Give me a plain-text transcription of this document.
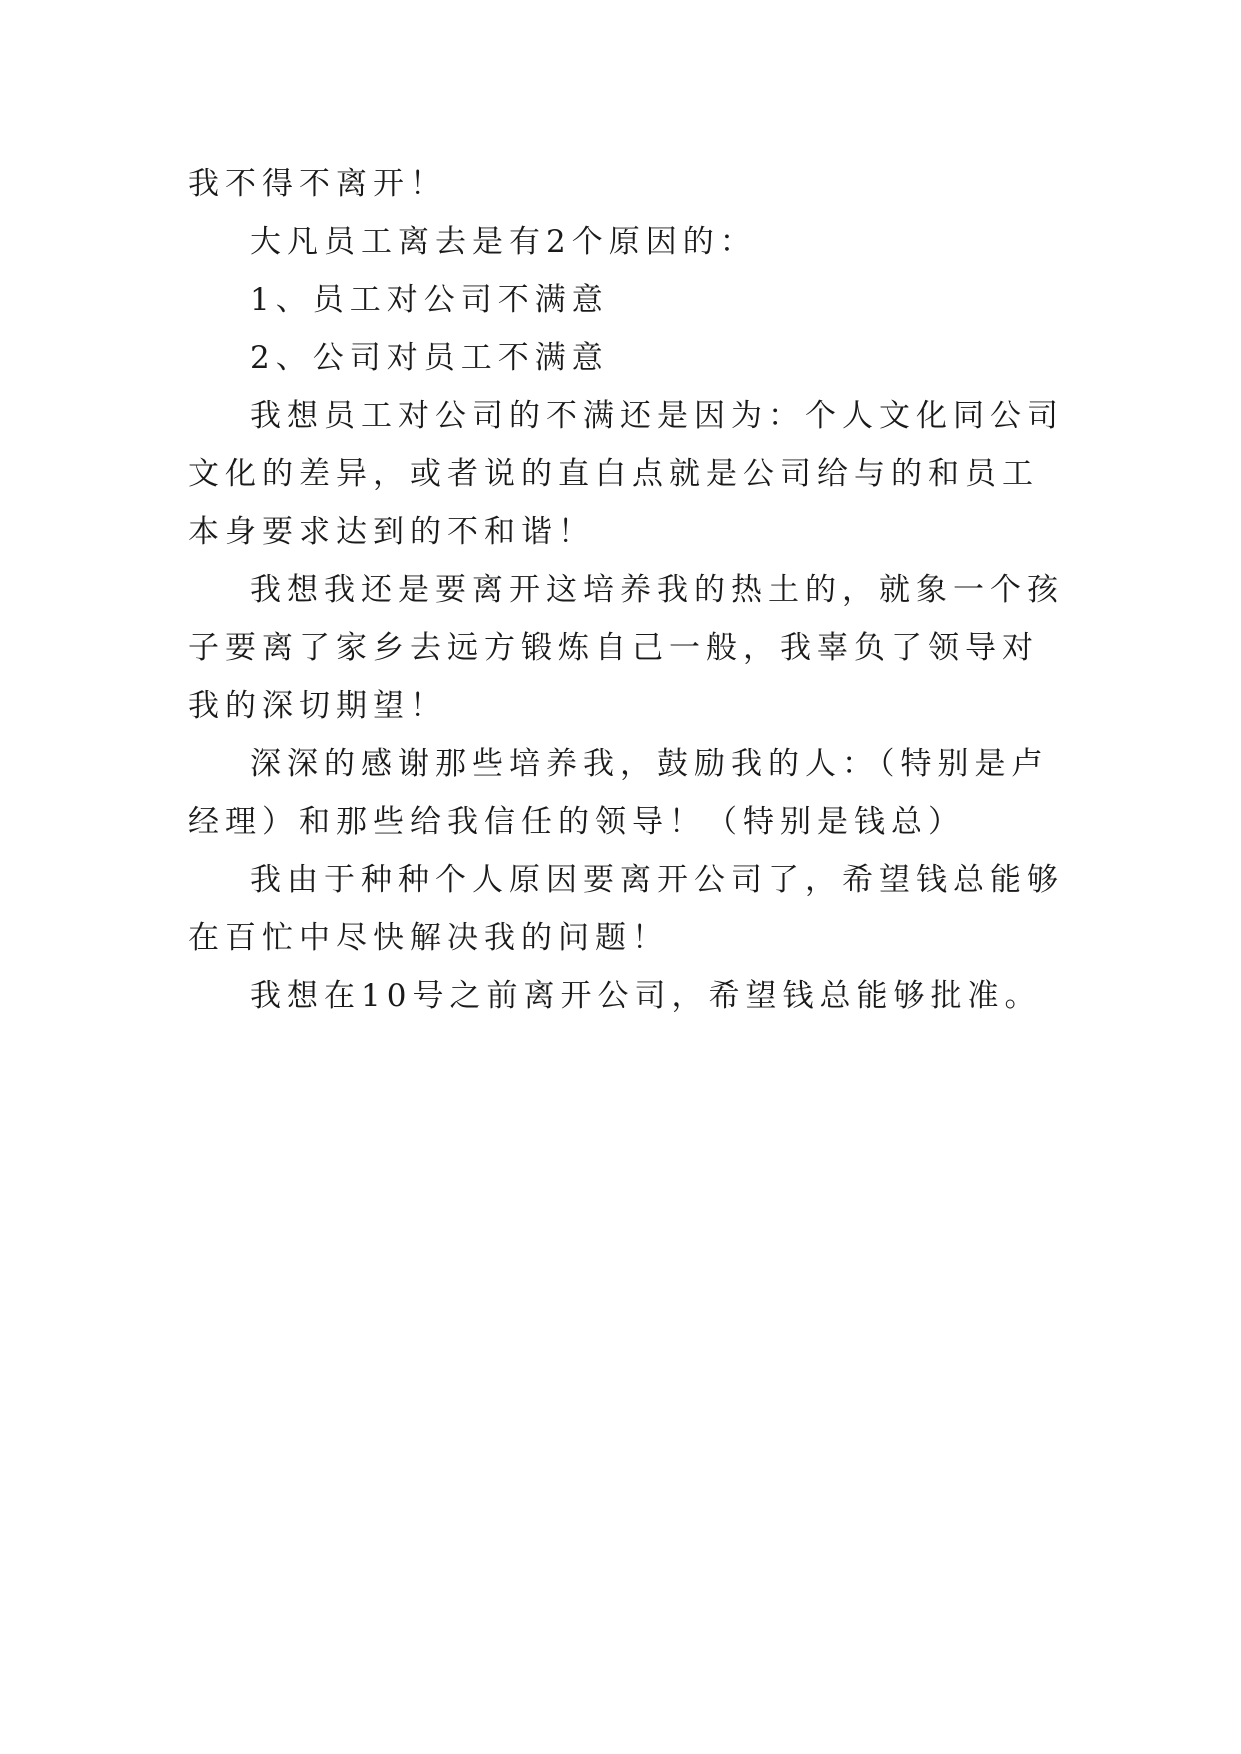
我不得不离开！

大凡员工离去是有2个原因的：

1、员工对公司不满意

2、公司对员工不满意

我想员工对公司的不满还是因为：个人文化同公司文化的差异，或者说的直白点就是公司给与的和员工本身要求达到的不和谐！

我想我还是要离开这培养我的热土的，就象一个孩子要离了家乡去远方锻炼自己一般，我辜负了领导对我的深切期望！

深深的感谢那些培养我，鼓励我的人：（特别是卢经理）和那些给我信任的领导！（特别是钱总）

我由于种种个人原因要离开公司了，希望钱总能够在百忙中尽快解决我的问题！

我想在10号之前离开公司，希望钱总能够批准。
